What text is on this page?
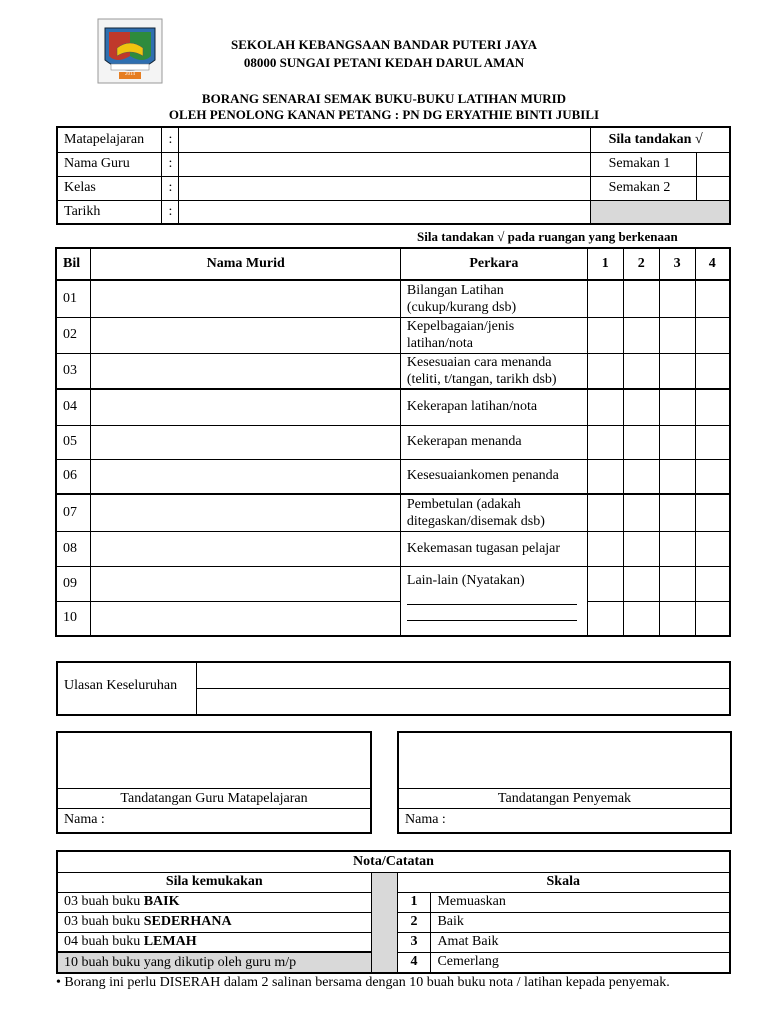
2014
SEKOLAH KEBANGSAAN BANDAR PUTERI JAYA
08000 SUNGAI PETANI KEDAH DARUL AMAN
BORANG SENARAI SEMAK BUKU-BUKU LATIHAN MURID
OLEH PENOLONG KANAN PETANG : PN DG ERYATHIE BINTI JUBILI
Matapelajaran	:		Sila tandakan √	
Nama Guru	:		Semakan 1	
Kelas	:		Semakan 2	
Tarikh	:			
Sila tandakan √ pada ruangan yang berkenaan
Bil	Nama Murid	Perkara	1	2	3	4
01		Bilangan Latihan (cukup/kurang dsb)				
02		Kepelbagaian/jenis latihan/nota				
03		Kesesuaian cara menanda (teliti, t/tangan, tarikh dsb)				
04		Kekerapan latihan/nota				
05		Kekerapan menanda				
06		Kesesuaiankomen penanda				
07		Pembetulan (adakah ditegaskan/disemak dsb)				
08		Kekemasan tugasan pelajar				
09		Lain-lain (Nyatakan)				

10						
Ulasan Keseluruhan
Tandatangan Guru Matapelajaran
Nama :
Tandatangan Penyemak
Nama :
Nota/Catatan			
Sila kemukakan		Skala	
03 buah buku BAIK		1	Memuaskan
03 buah buku SEDERHANA		2	Baik
04 buah buku LEMAH		3	Amat Baik
10 buah buku yang dikutip oleh guru m/p		4	Cemerlang
• Borang ini perlu DISERAH dalam 2 salinan bersama dengan 10 buah buku nota / latihan kepada penyemak.
